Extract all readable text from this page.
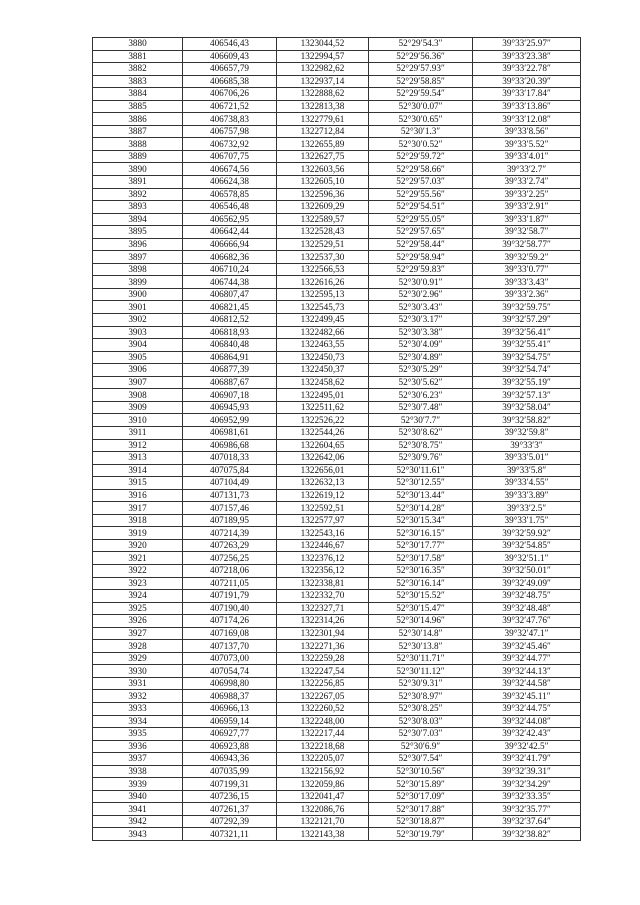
3880	406546,43	1323044,52	52°29′54.3″	39°33′25.97″
3881	406609,43	1322994,57	52°29′56.36″	39°33′23.38″
3882	406657,79	1322982,62	52°29′57.93″	39°33′22.78″
3883	406685,38	1322937,14	52°29′58.85″	39°33′20.39″
3884	406706,26	1322888,62	52°29′59.54″	39°33′17.84″
3885	406721,52	1322813,38	52°30′0.07″	39°33′13.86″
3886	406738,83	1322779,61	52°30′0.65″	39°33′12.08″
3887	406757,98	1322712,84	52°30′1.3″	39°33′8.56″
3888	406732,92	1322655,89	52°30′0.52″	39°33′5.52″
3889	406707,75	1322627,75	52°29′59.72″	39°33′4.01″
3890	406674,56	1322603,56	52°29′58.66″	39°33′2.7″
3891	406624,38	1322605,10	52°29′57.03″	39°33′2.74″
3892	406578,85	1322596,36	52°29′55.56″	39°33′2.25″
3893	406546,48	1322609,29	52°29′54.51″	39°33′2.91″
3894	406562,95	1322589,57	52°29′55.05″	39°33′1.87″
3895	406642,44	1322528,43	52°29′57.65″	39°32′58.7″
3896	406666,94	1322529,51	52°29′58.44″	39°32′58.77″
3897	406682,36	1322537,30	52°29′58.94″	39°32′59.2″
3898	406710,24	1322566,53	52°29′59.83″	39°33′0.77″
3899	406744,38	1322616,26	52°30′0.91″	39°33′3.43″
3900	406807,47	1322595,13	52°30′2.96″	39°33′2.36″
3901	406821,45	1322545,73	52°30′3.43″	39°32′59.75″
3902	406812,52	1322499,45	52°30′3.17″	39°32′57.29″
3903	406818,93	1322482,66	52°30′3.38″	39°32′56.41″
3904	406840,48	1322463,55	52°30′4.09″	39°32′55.41″
3905	406864,91	1322450,73	52°30′4.89″	39°32′54.75″
3906	406877,39	1322450,37	52°30′5.29″	39°32′54.74″
3907	406887,67	1322458,62	52°30′5.62″	39°32′55.19″
3908	406907,18	1322495,01	52°30′6.23″	39°32′57.13″
3909	406945,93	1322511,62	52°30′7.48″	39°32′58.04″
3910	406952,99	1322526,22	52°30′7.7″	39°32′58.82″
3911	406981,61	1322544,26	52°30′8.62″	39°32′59.8″
3912	406986,68	1322604,65	52°30′8.75″	39°33′3″
3913	407018,33	1322642,06	52°30′9.76″	39°33′5.01″
3914	407075,84	1322656,01	52°30′11.61″	39°33′5.8″
3915	407104,49	1322632,13	52°30′12.55″	39°33′4.55″
3916	407131,73	1322619,12	52°30′13.44″	39°33′3.89″
3917	407157,46	1322592,51	52°30′14.28″	39°33′2.5″
3918	407189,95	1322577,97	52°30′15.34″	39°33′1.75″
3919	407214,39	1322543,16	52°30′16.15″	39°32′59.92″
3920	407263,29	1322446,67	52°30′17.77″	39°32′54.85″
3921	407256,25	1322376,12	52°30′17.58″	39°32′51.1″
3922	407218,06	1322356,12	52°30′16.35″	39°32′50.01″
3923	407211,05	1322338,81	52°30′16.14″	39°32′49.09″
3924	407191,79	1322332,70	52°30′15.52″	39°32′48.75″
3925	407190,40	1322327,71	52°30′15.47″	39°32′48.48″
3926	407174,26	1322314,26	52°30′14.96″	39°32′47.76″
3927	407169,08	1322301,94	52°30′14.8″	39°32′47.1″
3928	407137,70	1322271,36	52°30′13.8″	39°32′45.46″
3929	407073,00	1322259,28	52°30′11.71″	39°32′44.77″
3930	407054,74	1322247,54	52°30′11.12″	39°32′44.13″
3931	406998,80	1322256,85	52°30′9.31″	39°32′44.58″
3932	406988,37	1322267,05	52°30′8.97″	39°32′45.11″
3933	406966,13	1322260,52	52°30′8.25″	39°32′44.75″
3934	406959,14	1322248,00	52°30′8.03″	39°32′44.08″
3935	406927,77	1322217,44	52°30′7.03″	39°32′42.43″
3936	406923,88	1322218,68	52°30′6.9″	39°32′42.5″
3937	406943,36	1322205,07	52°30′7.54″	39°32′41.79″
3938	407035,99	1322156,92	52°30′10.56″	39°32′39.31″
3939	407199,31	1322059,86	52°30′15.89″	39°32′34.29″
3940	407236,15	1322041,47	52°30′17.09″	39°32′33.35″
3941	407261,37	1322086,76	52°30′17.88″	39°32′35.77″
3942	407292,39	1322121,70	52°30′18.87″	39°32′37.64″
3943	407321,11	1322143,38	52°30′19.79″	39°32′38.82″
